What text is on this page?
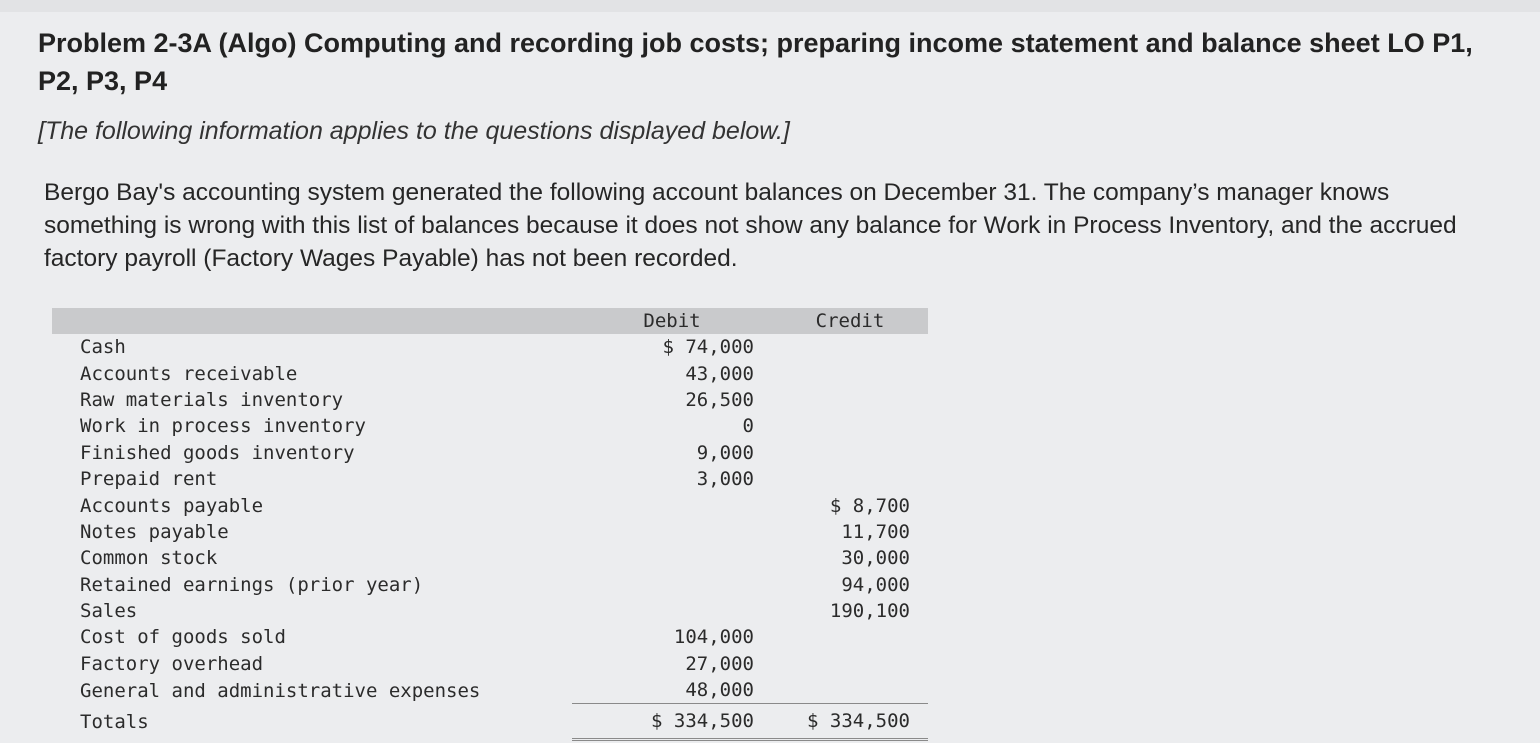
Problem 2-3A (Algo) Computing and recording job costs; preparing income statement and balance sheet LO P1, P2, P3, P4
[The following information applies to the questions displayed below.]
Bergo Bay's accounting system generated the following account balances on December 31. The company’s manager knows something is wrong with this list of balances because it does not show any balance for Work in Process Inventory, and the accrued factory payroll (Factory Wages Payable) has not been recorded.
	Debit	Credit
Cash	$ 74,000	
Accounts receivable	43,000	
Raw materials inventory	26,500	
Work in process inventory	0	
Finished goods inventory	9,000	
Prepaid rent	3,000	
Accounts payable		$ 8,700
Notes payable		11,700
Common stock		30,000
Retained earnings (prior year)		94,000
Sales		190,100
Cost of goods sold	104,000	
Factory overhead	27,000	
General and administrative expenses	48,000	
Totals	$ 334,500	$ 334,500
